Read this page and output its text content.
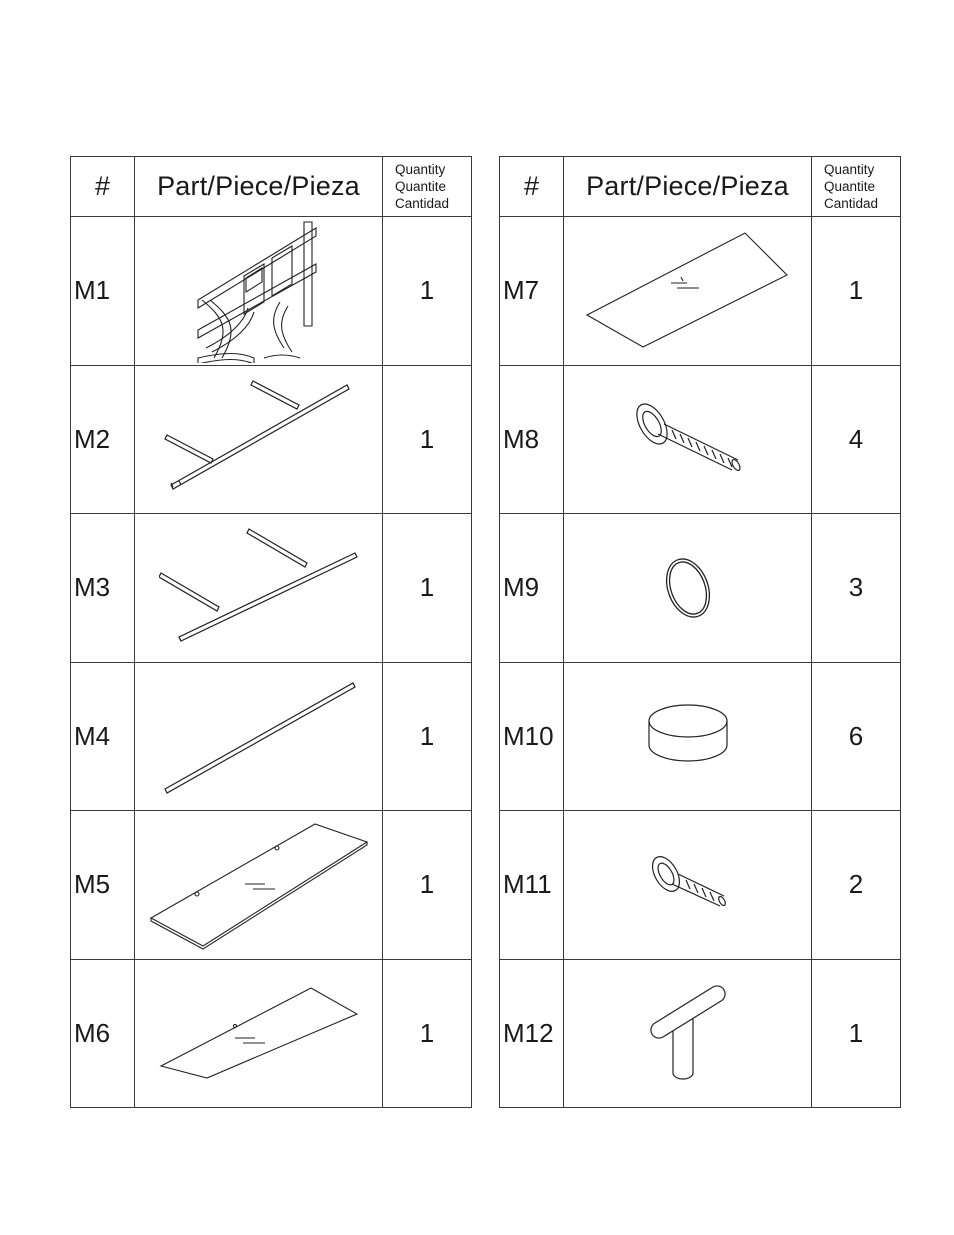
#	Part/Piece/Pieza	Quantity
Quantite
Cantidad

M1		1
M2		1
M3		1
M4		1
M5		1
M6		1
#	Part/Piece/Pieza	Quantity
Quantite
Cantidad

M7		1
M8		4
M9		3
M10		6
M11		2
M12		1
